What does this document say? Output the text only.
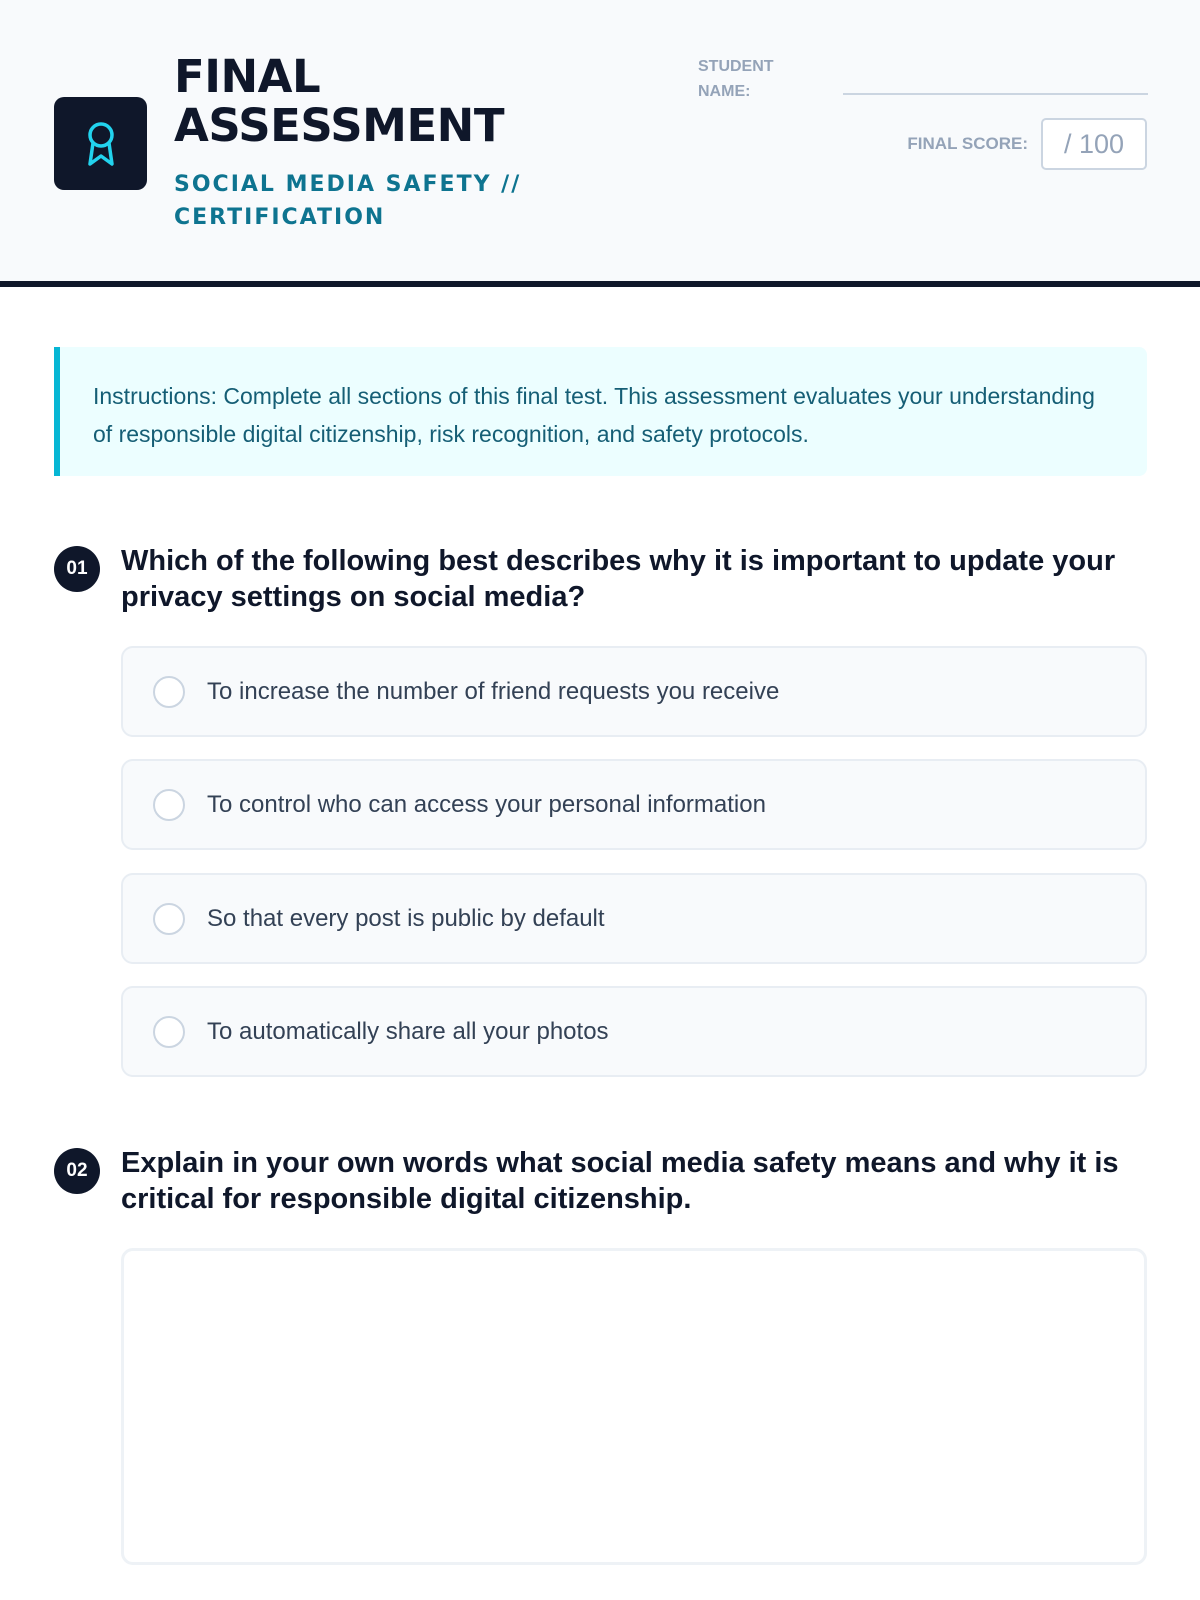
FINAL
ASSESSMENT
SOCIAL MEDIA SAFETY // CERTIFICATION
STUDENT NAME:
FINAL SCORE:	/ 100
Instructions: Complete all sections of this final test. This assessment evaluates your understanding of responsible digital citizenship, risk recognition, and safety protocols.
01	Which of the following best describes why it is important to update your privacy settings on social media?
To increase the number of friend requests you receive
To control who can access your personal information
So that every post is public by default
To automatically share all your photos
02	Explain in your own words what social media safety means and why it is critical for responsible digital citizenship.
